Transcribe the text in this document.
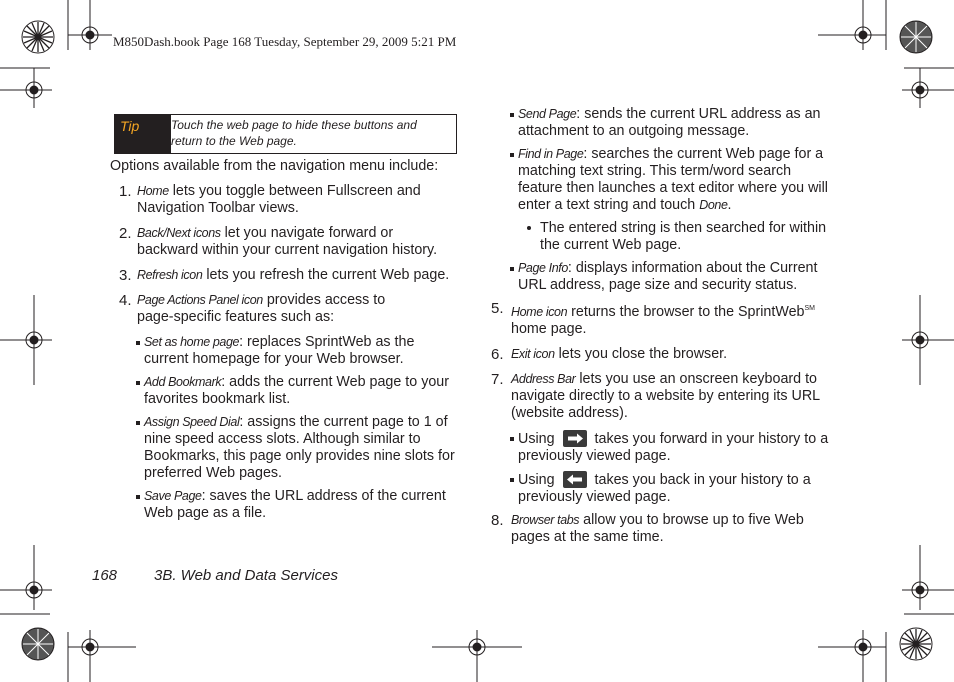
M850Dash.book Page 168 Tuesday, September 29, 2009 5:21 PM
Tip	Touch the web page to hide these buttons and
return to the Web page.

Options available from the navigation menu include:

1. Home lets you toggle between Fullscreen and
Navigation Toolbar views.
2. Back/Next icons let you navigate forward or
backward within your current navigation history.
3. Refresh icon lets you refresh the current Web page.
4. Page Actions Panel icon provides access to
page-specific features such as:
Set as home page: replaces SprintWeb as the current homepage for your Web browser.
Add Bookmark: adds the current Web page to your favorites bookmark list.
Assign Speed Dial: assigns the current page to 1 of nine speed access slots. Although similar to Bookmarks, this page only provides nine slots for preferred Web pages.
Save Page: saves the URL address of the current Web page as a file.
Send Page: sends the current URL address as an attachment to an outgoing message.
Find in Page: searches the current Web page for a matching text string. This term/word search feature then launches a text editor where you will enter a text string and touch Done.
The entered string is then searched for within the current Web page.
Page Info: displays information about the Current URL address, page size and security status.
5. Home icon returns the browser to the SprintWeb℠ home page.
6. Exit icon lets you close the browser.
7. Address Bar lets you use an onscreen keyboard to navigate directly to a website by entering its URL (website address).
Using	takes you forward in your history to a previously viewed page.
Using	takes you back in your history to a previously viewed page.
8. Browser tabs allow you to browse up to five Web pages at the same time.
168 3B. Web and Data Services
